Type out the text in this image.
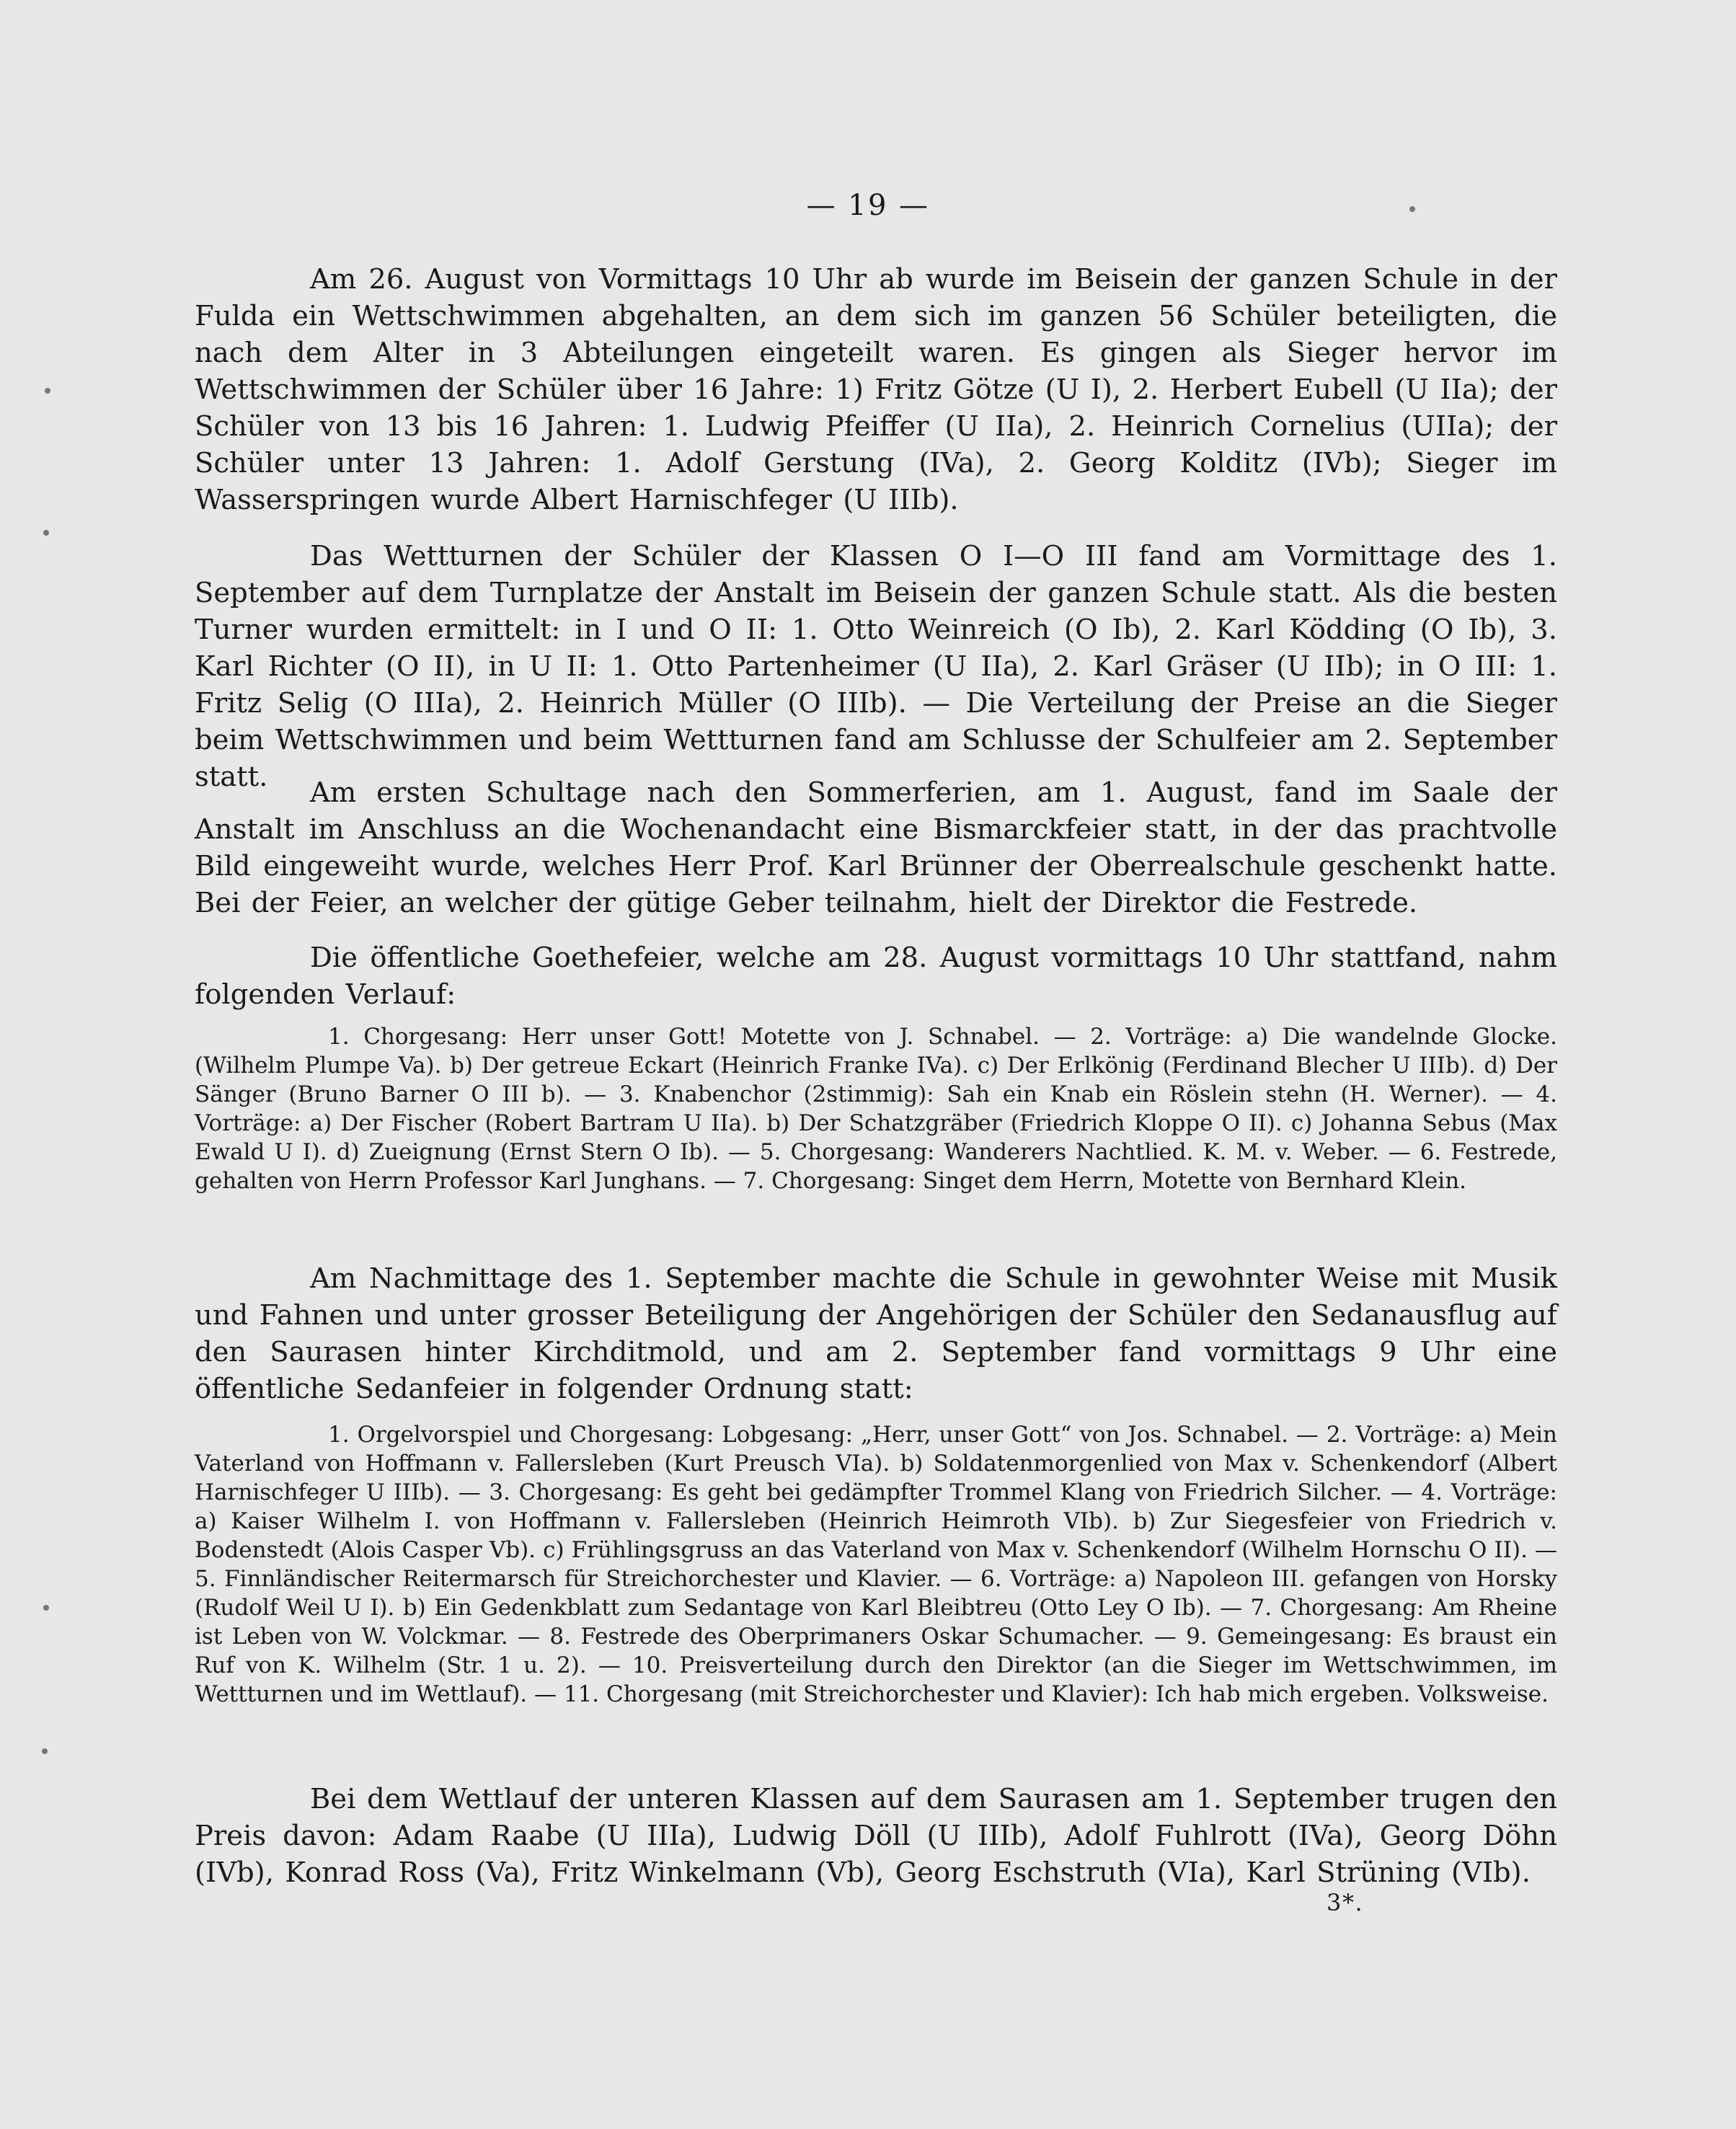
— 19 —

Am 26. August von Vormittags 10 Uhr ab wurde im Beisein der ganzen Schule in der Fulda ein Wettschwimmen abgehalten, an dem sich im ganzen 56 Schüler beteiligten, die nach dem Alter in 3 Abteilungen eingeteilt waren. Es gingen als Sieger hervor im Wettschwimmen der Schüler über 16 Jahre: 1) Fritz Götze (U I), 2. Herbert Eubell (U IIa); der Schüler von 13 bis 16 Jahren: 1. Ludwig Pfeiffer (U IIa), 2. Heinrich Cornelius (UIIa); der Schüler unter 13 Jahren: 1. Adolf Gerstung (IVa), 2. Georg Kolditz (IVb); Sieger im Wasserspringen wurde Albert Harnischfeger (U IIIb).

Das Wettturnen der Schüler der Klassen O I—O III fand am Vormittage des 1. September auf dem Turnplatze der Anstalt im Beisein der ganzen Schule statt. Als die besten Turner wurden ermittelt: in I und O II: 1. Otto Weinreich (O Ib), 2. Karl Ködding (O Ib), 3. Karl Richter (O II), in U II: 1. Otto Partenheimer (U IIa), 2. Karl Gräser (U IIb); in O III: 1. Fritz Selig (O IIIa), 2. Heinrich Müller (O IIIb). — Die Verteilung der Preise an die Sieger beim Wettschwimmen und beim Wettturnen fand am Schlusse der Schulfeier am 2. September statt.	Am ersten Schultage nach den Sommerferien, am 1. August, fand im Saale der Anstalt im Anschluss an die Wochenandacht eine Bismarckfeier statt, in der das prachtvolle Bild eingeweiht wurde, welches Herr Prof. Karl Brünner der Oberrealschule geschenkt hatte. Bei der Feier, an welcher der gütige Geber teilnahm, hielt der Direktor die Festrede.

Die öffentliche Goethefeier, welche am 28. August vormittags 10 Uhr stattfand, nahm folgenden Verlauf:

1. Chorgesang: Herr unser Gott! Motette von J. Schnabel. — 2. Vorträge: a) Die wandelnde Glocke. (Wilhelm Plumpe Va). b) Der getreue Eckart (Heinrich Franke IVa). c) Der Erlkönig (Ferdinand Blecher U IIIb). d) Der Sänger (Bruno Barner O III b). — 3. Knabenchor (2stimmig): Sah ein Knab ein Röslein stehn (H. Werner). — 4. Vorträge: a) Der Fischer (Robert Bartram U IIa). b) Der Schatzgräber (Friedrich Kloppe O II). c) Johanna Sebus (Max Ewald U I). d) Zueignung (Ernst Stern O Ib). — 5. Chorgesang: Wanderers Nachtlied. K. M. v. Weber. — 6. Festrede, gehalten von Herrn Professor Karl Junghans. — 7. Chorgesang: Singet dem Herrn, Motette von Bernhard Klein.

Am Nachmittage des 1. September machte die Schule in gewohnter Weise mit Musik und Fahnen und unter grosser Beteiligung der Angehörigen der Schüler den Sedanausflug auf den Saurasen hinter Kirchditmold, und am 2. September fand vormittags 9 Uhr eine öffentliche Sedanfeier in folgender Ordnung statt:

1. Orgelvorspiel und Chorgesang: Lobgesang: „Herr, unser Gott“ von Jos. Schnabel. — 2. Vorträge: a) Mein Vaterland von Hoffmann v. Fallersleben (Kurt Preusch VIa). b) Soldatenmorgenlied von Max v. Schenkendorf (Albert Harnischfeger U IIIb). — 3. Chorgesang: Es geht bei gedämpfter Trommel Klang von Friedrich Silcher. — 4. Vorträge: a) Kaiser Wilhelm I. von Hoffmann v. Fallersleben (Heinrich Heimroth VIb). b) Zur Siegesfeier von Friedrich v. Bodenstedt (Alois Casper Vb). c) Frühlingsgruss an das Vaterland von Max v. Schenkendorf (Wilhelm Hornschu O II). — 5. Finnländischer Reitermarsch für Streichorchester und Klavier. — 6. Vorträge: a) Napoleon III. gefangen von Horsky (Rudolf Weil U I). b) Ein Gedenkblatt zum Sedantage von Karl Bleibtreu (Otto Ley O Ib). — 7. Chorgesang: Am Rheine ist Leben von W. Volckmar. — 8. Festrede des Oberprimaners Oskar Schumacher. — 9. Gemeingesang: Es braust ein Ruf von K. Wilhelm (Str. 1 u. 2). — 10. Preisverteilung durch den Direktor (an die Sieger im Wettschwimmen, im Wettturnen und im Wettlauf). — 11. Chorgesang (mit Streichorchester und Klavier): Ich hab mich ergeben. Volksweise.

Bei dem Wettlauf der unteren Klassen auf dem Saurasen am 1. September trugen den Preis davon: Adam Raabe (U IIIa), Ludwig Döll (U IIIb), Adolf Fuhlrott (IVa), Georg Döhn (IVb), Konrad Ross (Va), Fritz Winkelmann (Vb), Georg Eschstruth (VIa), Karl Strüning (VIb).

3*.
